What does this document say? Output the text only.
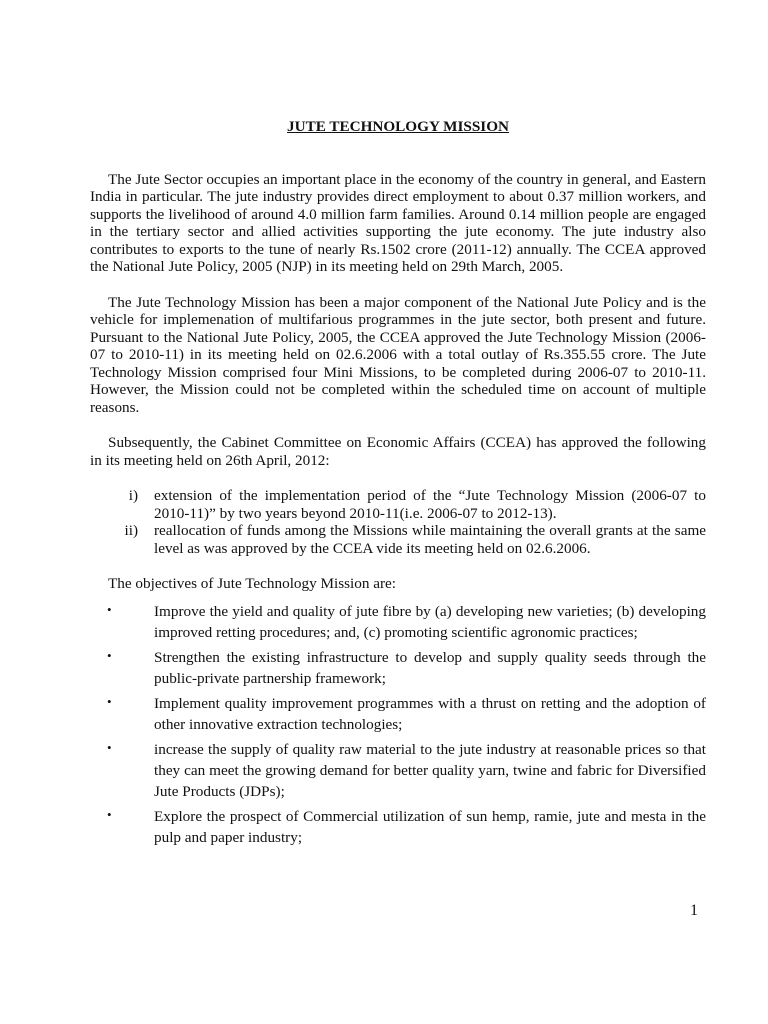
JUTE TECHNOLOGY MISSION

The Jute Sector occupies an important place in the economy of the country in general, and Eastern India in particular. The jute industry provides direct employment to about 0.37 million workers, and supports the livelihood of around 4.0 million farm families. Around 0.14 million people are engaged in the tertiary sector and allied activities supporting the jute economy. The jute industry also contributes to exports to the tune of nearly Rs.1502 crore (2011-12) annually. The CCEA approved the National Jute Policy, 2005 (NJP) in its meeting held on 29th March, 2005.

The Jute Technology Mission has been a major component of the National Jute Policy and is the vehicle for implemenation of multifarious programmes in the jute sector, both present and future. Pursuant to the National Jute Policy, 2005, the CCEA approved the Jute Technology Mission (2006-07 to 2010-11) in its meeting held on 02.6.2006 with a total outlay of Rs.355.55 crore. The Jute Technology Mission comprised four Mini Missions, to be completed during 2006-07 to 2010-11. However, the Mission could not be completed within the scheduled time on account of multiple reasons.

Subsequently, the Cabinet Committee on Economic Affairs (CCEA) has approved the following in its meeting held on 26th April, 2012:

i)	extension of the implementation period of the “Jute Technology Mission (2006-07 to 2010-11)” by two years beyond 2010-11(i.e. 2006-07 to 2012-13).
ii)	reallocation of funds among the Missions while maintaining the overall grants at the same level as was approved by the CCEA vide its meeting held on 02.6.2006.

The objectives of Jute Technology Mission are:

•	Improve the yield and quality of jute fibre by (a) developing new varieties; (b) developing improved retting procedures; and, (c) promoting scientific agronomic practices;
•	Strengthen the existing infrastructure to develop and supply quality seeds through the public-private partnership framework;
•	Implement quality improvement programmes with a thrust on retting and the adoption of other innovative extraction technologies;
•	increase the supply of quality raw material to the jute industry at reasonable prices so that they can meet the growing demand for better quality yarn, twine and fabric for Diversified Jute Products (JDPs);
•	Explore the prospect of Commercial utilization of sun hemp, ramie, jute and mesta in the pulp and paper industry;
1
